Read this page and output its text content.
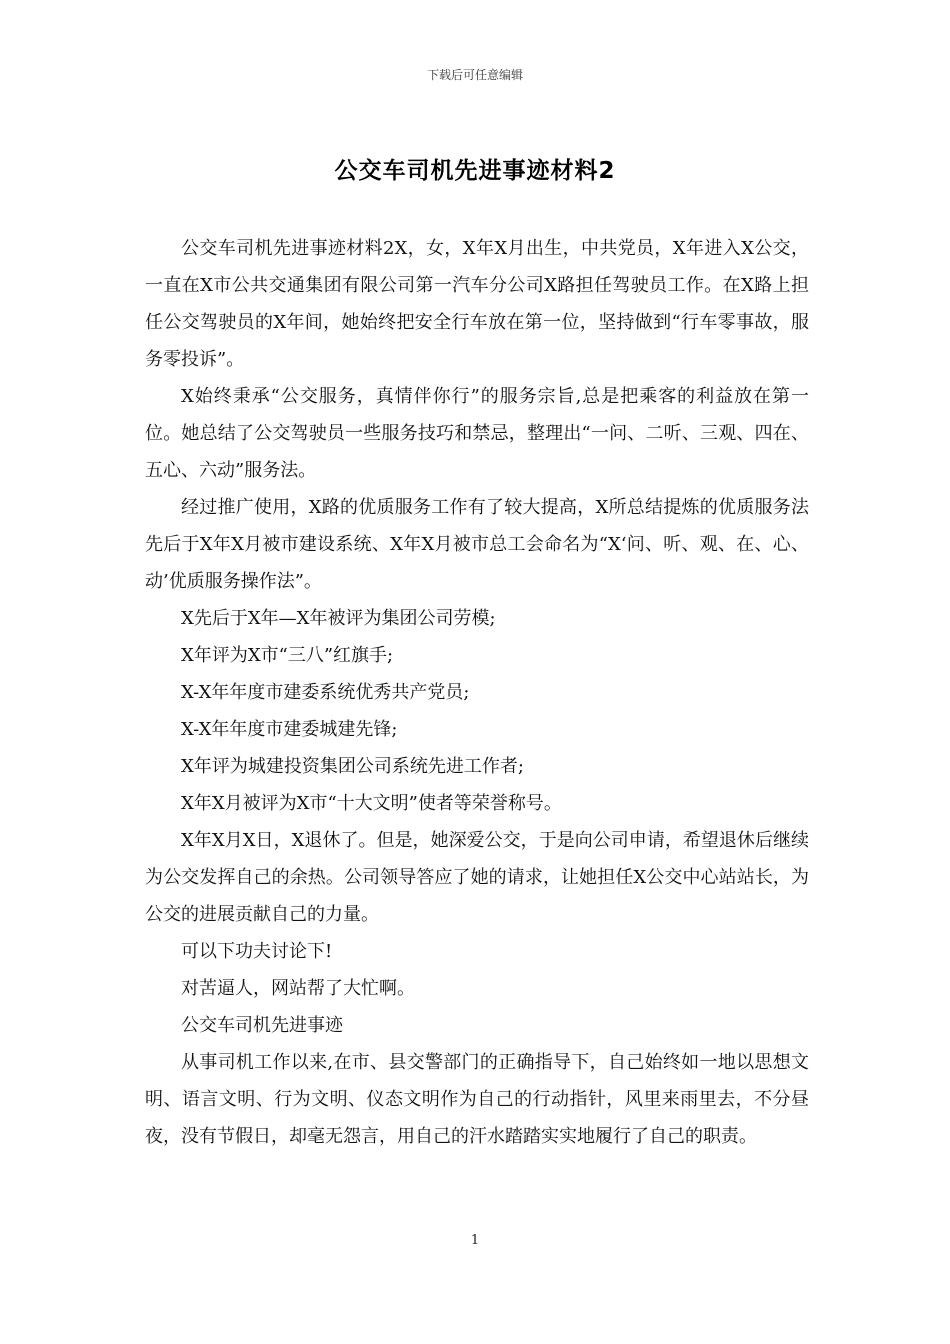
下载后可任意编辑
公交车司机先进事迹材料2

公交车司机先进事迹材料2X，女，X年X月出生，中共党员，X年进入X公交，一直在X市公共交通集团有限公司第一汽车分公司X路担任驾驶员工作。在X路上担任公交驾驶员的X年间，她始终把安全行车放在第一位，坚持做到“行车零事故，服务零投诉”。

X始终秉承“公交服务，真情伴你行”的服务宗旨,总是把乘客的利益放在第一位。她总结了公交驾驶员一些服务技巧和禁忌，整理出“一问、二听、三观、四在、五心、六动”服务法。

经过推广使用，X路的优质服务工作有了较大提高，X所总结提炼的优质服务法先后于X年X月被市建设系统、X年X月被市总工会命名为“X‘问、听、观、在、心、动’优质服务操作法”。

X先后于X年—X年被评为集团公司劳模;

X年评为X市“三八”红旗手;

X-X年年度市建委系统优秀共产党员;

X-X年年度市建委城建先锋;

X年评为城建投资集团公司系统先进工作者;

X年X月被评为X市“十大文明”使者等荣誉称号。

X年X月X日，X退休了。但是，她深爱公交，于是向公司申请，希望退休后继续为公交发挥自己的余热。公司领导答应了她的请求，让她担任X公交中心站站长，为公交的进展贡献自己的力量。

可以下功夫讨论下!

对苦逼人，网站帮了大忙啊。

公交车司机先进事迹

从事司机工作以来,在市、县交警部门的正确指导下，自己始终如一地以思想文明、语言文明、行为文明、仪态文明作为自己的行动指针，风里来雨里去，不分昼夜，没有节假日，却毫无怨言，用自己的汗水踏踏实实地履行了自己的职责。

1
